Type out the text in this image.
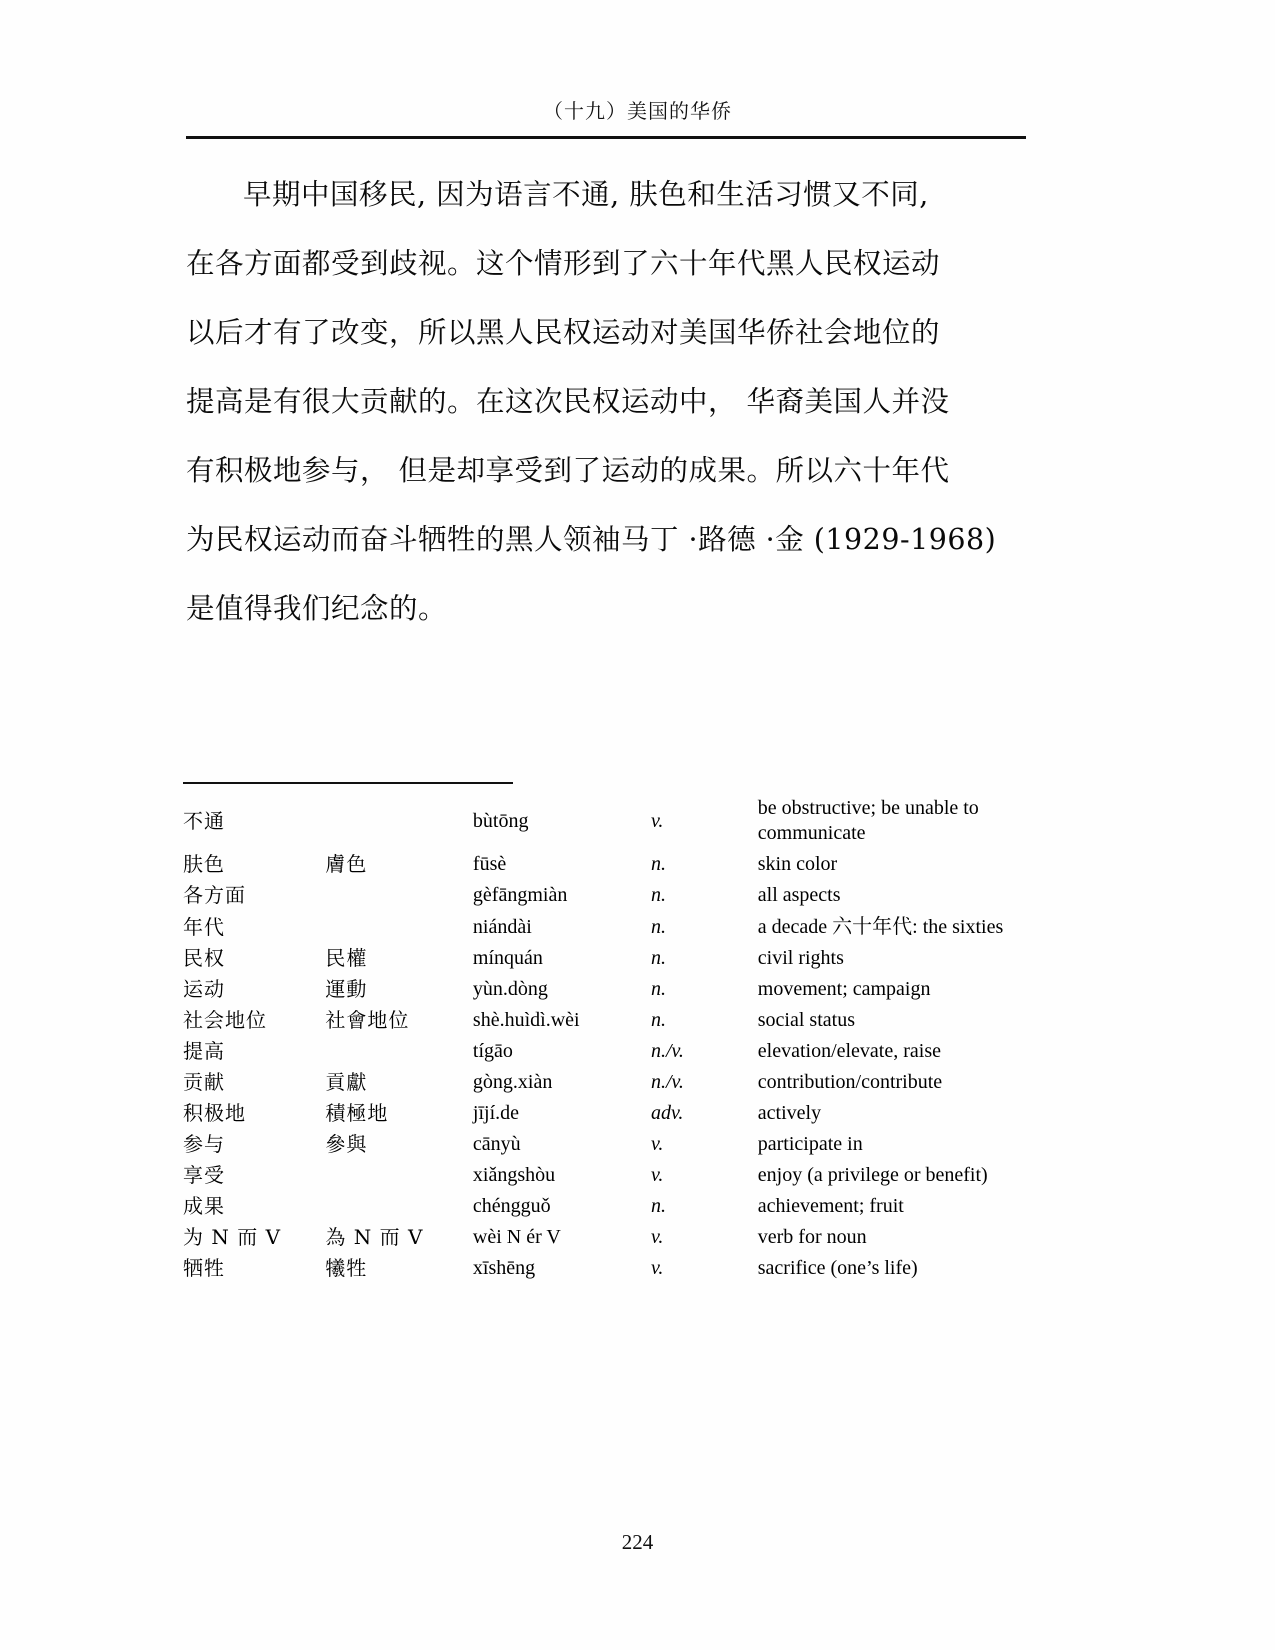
（十九）美国的华侨
早期中国移民, 因为语言不通, 肤色和生活习惯又不同,
在各方面都受到歧视。这个情形到了六十年代黑人民权运动
以后才有了改变，所以黑人民权运动对美国华侨社会地位的
提高是有很大贡献的。在这次民权运动中， 华裔美国人并没
有积极地参与， 但是却享受到了运动的成果。所以六十年代
为民权运动而奋斗牺牲的黑人领袖马丁 ·路德 ·金 (1929-1968)
是值得我们纪念的。
不通		bùtōng	v.	be obstructive; be unable to communicate
肤色	膚色	fūsè	n.	skin color
各方面		gèfāngmiàn	n.	all aspects
年代		niándài	n.	a decade 六十年代: the sixties
民权	民權	mínquán	n.	civil rights
运动	運動	yùn.dòng	n.	movement; campaign
社会地位	社會地位	shè.huìdì.wèi	n.	social status
提高		tígāo	n./v.	elevation/elevate, raise
贡献	貢獻	gòng.xiàn	n./v.	contribution/contribute
积极地	積極地	jījí.de	adv.	actively
参与	參與	cānyù	v.	participate in
享受		xiǎngshòu	v.	enjoy (a privilege or benefit)
成果		chéngguǒ	n.	achievement; fruit
为 N 而 V	為 N 而 V	wèi N ér V	v.	verb for noun
牺牲	犧牲	xīshēng	v.	sacrifice (one’s life)
224
